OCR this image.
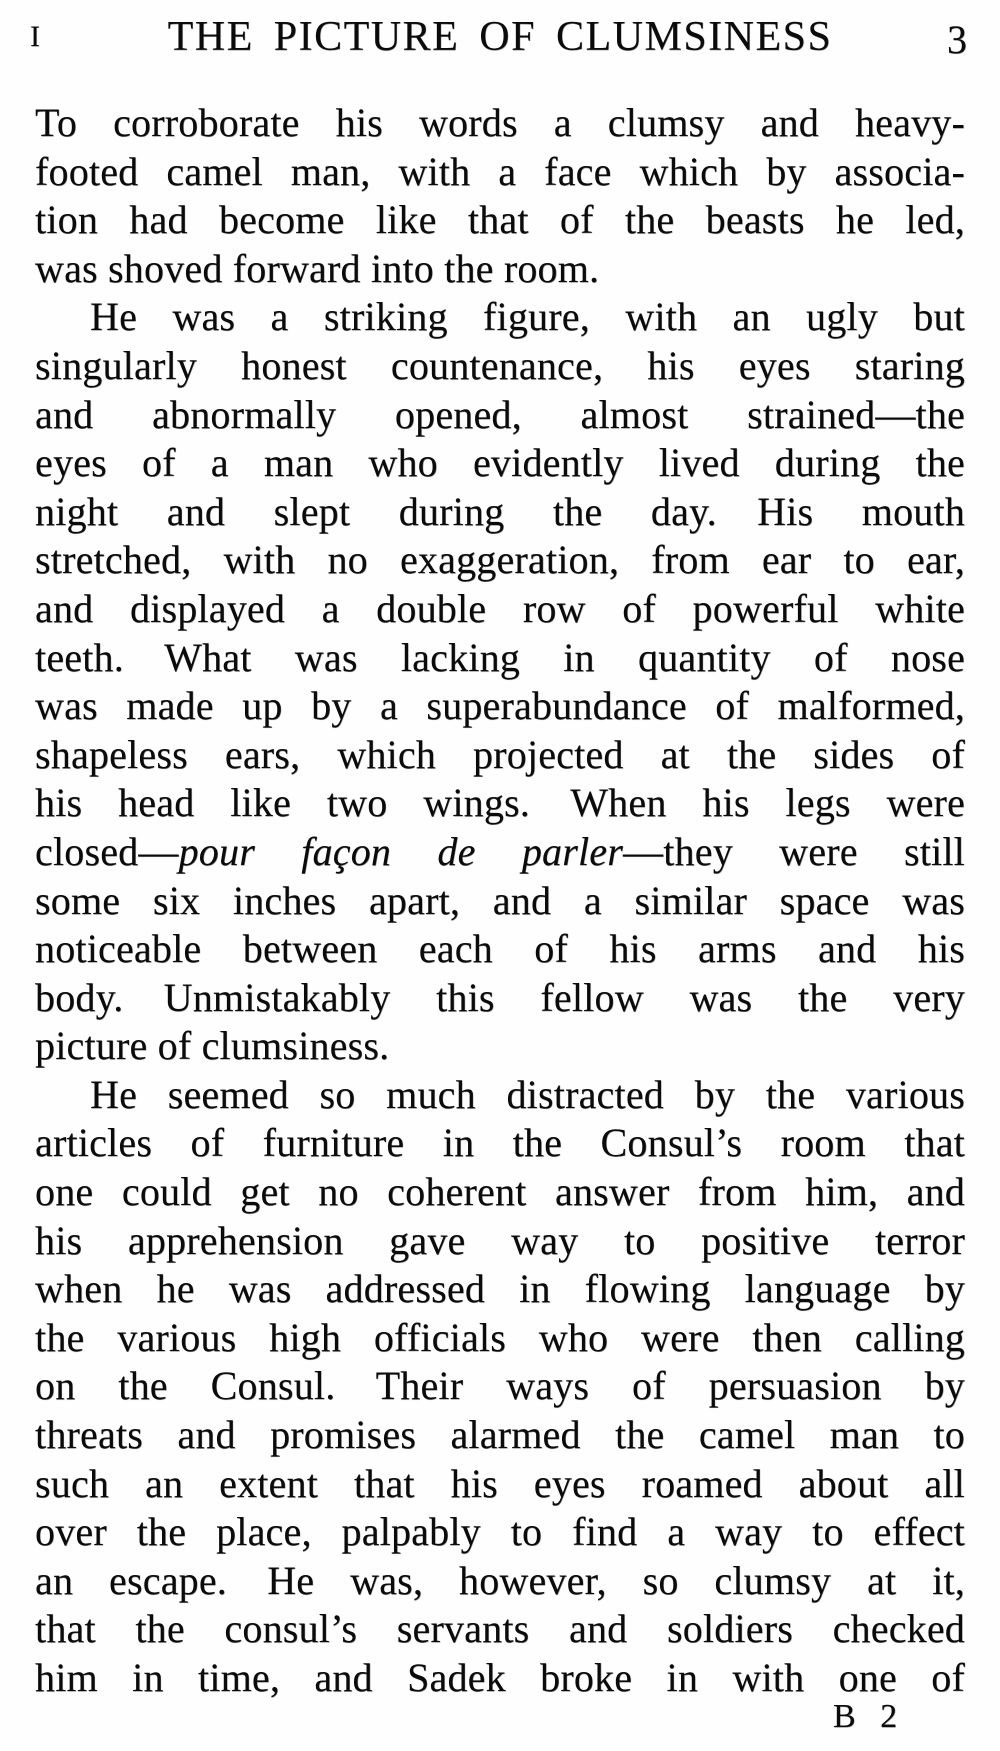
I	THE PICTURE OF CLUMSINESS	3
To corroborate his words a clumsy and heavy-
footed camel man, with a face which by associa-
tion had become like that of the beasts he led,
was shoved forward into the room.
He was a striking figure, with an ugly but
singularly honest countenance, his eyes staring
and abnormally opened, almost strained—the
eyes of a man who evidently lived during the
night and slept during the day. His mouth
stretched, with no exaggeration, from ear to ear,
and displayed a double row of powerful white
teeth. What was lacking in quantity of nose
was made up by a superabundance of malformed,
shapeless ears, which projected at the sides of
his head like two wings. When his legs were
closed—pour façon de parler—they were still
some six inches apart, and a similar space was
noticeable between each of his arms and his
body. Unmistakably this fellow was the very
picture of clumsiness.
He seemed so much distracted by the various
articles of furniture in the Consul’s room that
one could get no coherent answer from him, and
his apprehension gave way to positive terror
when he was addressed in flowing language by
the various high officials who were then calling
on the Consul. Their ways of persuasion by
threats and promises alarmed the camel man to
such an extent that his eyes roamed about all
over the place, palpably to find a way to effect
an escape. He was, however, so clumsy at it,
that the consul’s servants and soldiers checked
him in time, and Sadek broke in with one of
B 2
